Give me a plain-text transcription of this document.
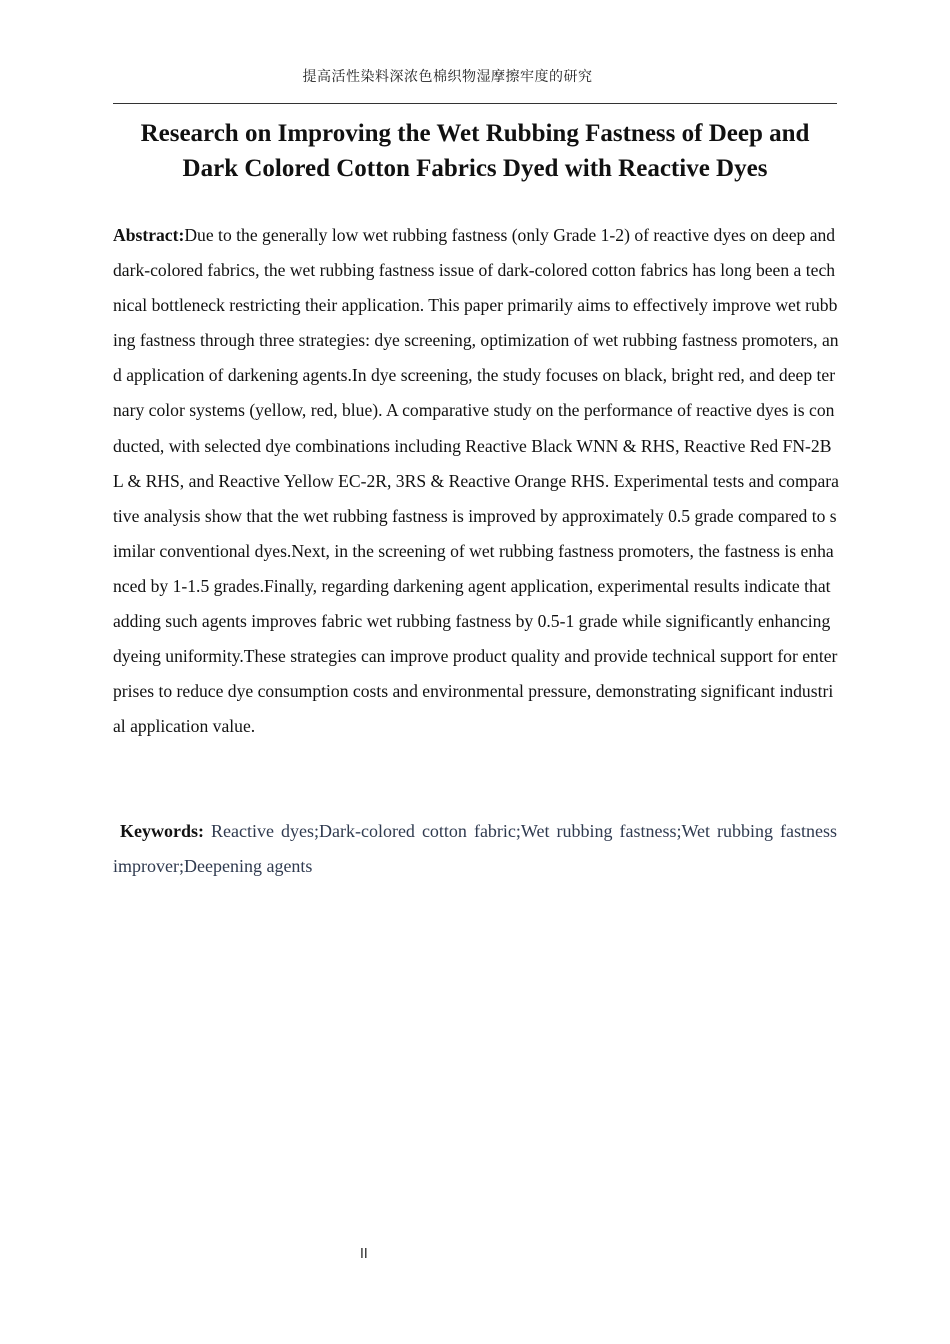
提高活性染料深浓色棉织物湿摩擦牢度的研究
Research on Improving the Wet Rubbing Fastness of Deep and Dark Colored Cotton Fabrics Dyed with Reactive Dyes

Abstract:Due to the generally low wet rubbing fastness (only Grade 1-2) of reactive dyes on deep and dark-colored fabrics, the wet rubbing fastness issue of dark-colored cotton fabrics has long been a technical bottleneck restricting their application. This paper primarily aims to effectively improve wet rubbing fastness through three strategies: dye screening, optimization of wet rubbing fastness promoters, and application of darkening agents.In dye screening, the study focuses on black, bright red, and deep ternary color systems (yellow, red, blue). A comparative study on the performance of reactive dyes is conducted, with selected dye combinations including Reactive Black WNN & RHS, Reactive Red FN-2BL & RHS, and Reactive Yellow EC-2R, 3RS & Reactive Orange RHS. Experimental tests and comparative analysis show that the wet rubbing fastness is improved by approximately 0.5 grade compared to similar conventional dyes.Next, in the screening of wet rubbing fastness promoters, the fastness is enhanced by 1-1.5 grades.Finally, regarding darkening agent application, experimental results indicate that adding such agents improves fabric wet rubbing fastness by 0.5-1 grade while significantly enhancing dyeing uniformity.These strategies can improve product quality and provide technical support for enterprises to reduce dye consumption costs and environmental pressure, demonstrating significant industrial application value.

Keywords: Reactive dyes;Dark-colored cotton fabric;Wet rubbing fastness;Wet rubbing fastness improver;Deepening agents

II
